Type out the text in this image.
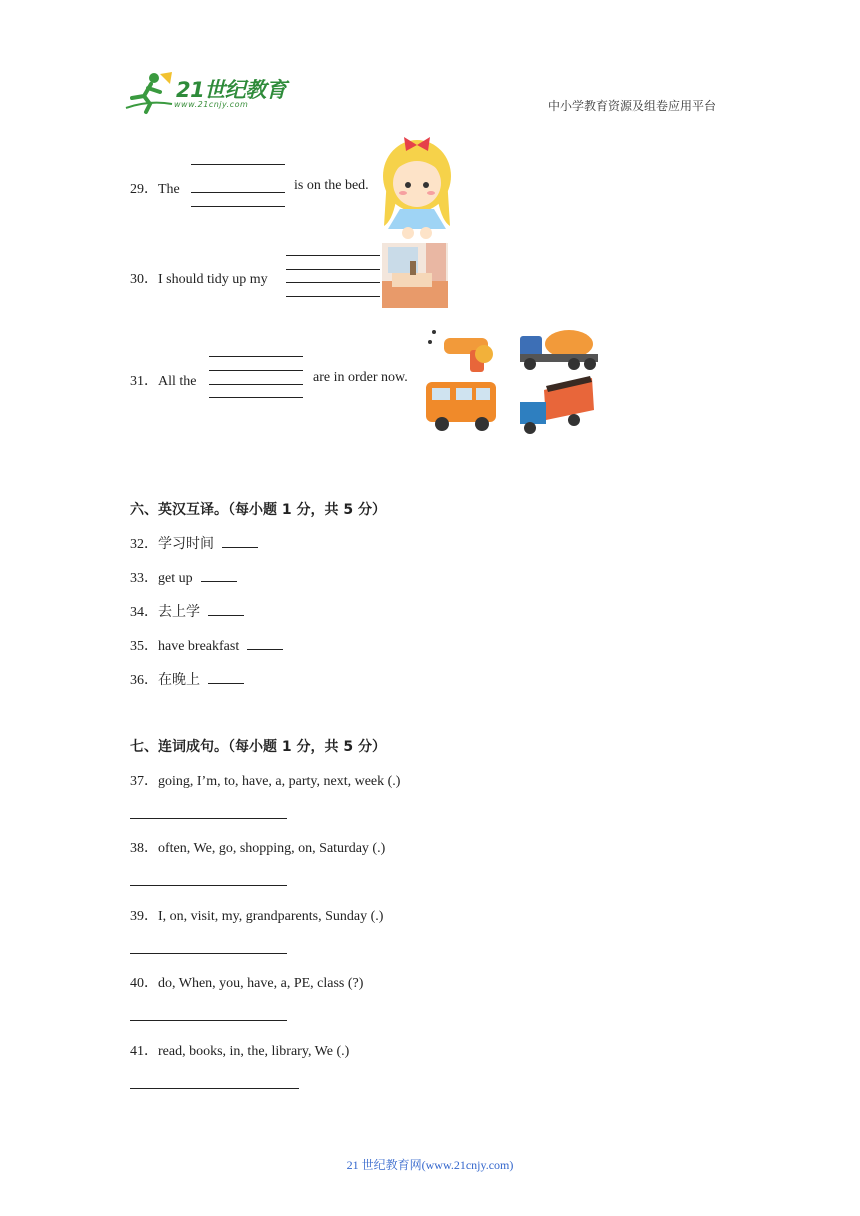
21世纪教育
www.21cnjy.com	中小学教育资源及组卷应用平台
29．The	is on the bed.
30．I should tidy up my
31．All the	are in order now.
六、英汉互译。（每小题 1 分，共 5 分）
32．学习时间
33．get up
34．去上学
35．have breakfast
36．在晚上
七、连词成句。（每小题 1 分，共 5 分）
37．going, I’m, to, have, a, party, next, week (.)
38．often, We, go, shopping, on, Saturday (.)
39．I, on, visit, my, grandparents, Sunday (.)
40．do, When, you, have, a, PE, class (?)
41．read, books, in, the, library, We (.)
21 世纪教育网(www.21cnjy.com)
